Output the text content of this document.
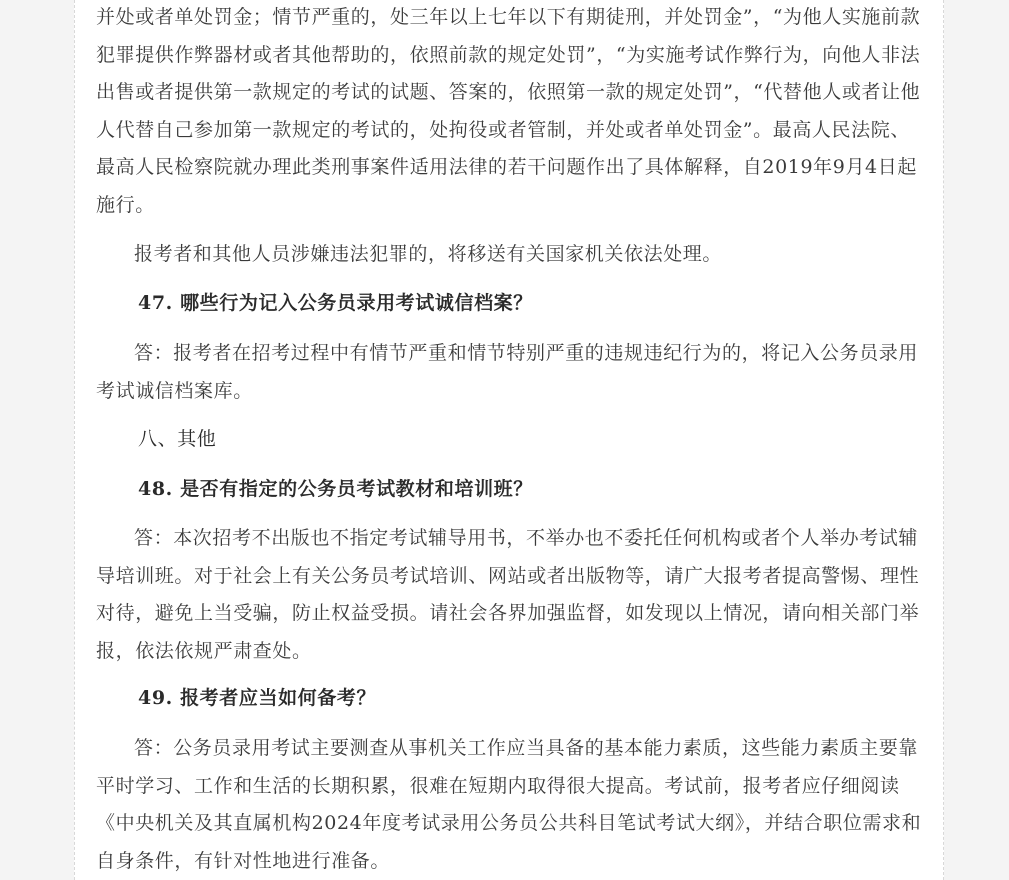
并处或者单处罚金；情节严重的，处三年以上七年以下有期徒刑，并处罚金”，“为他人实施前款犯罪提供作弊器材或者其他帮助的，依照前款的规定处罚”，“为实施考试作弊行为，向他人非法出售或者提供第一款规定的考试的试题、答案的，依照第一款的规定处罚”，“代替他人或者让他人代替自己参加第一款规定的考试的，处拘役或者管制，并处或者单处罚金”。最高人民法院、最高人民检察院就办理此类刑事案件适用法律的若干问题作出了具体解释，自2019年9月4日起施行。

报考者和其他人员涉嫌违法犯罪的，将移送有关国家机关依法处理。

47. 哪些行为记入公务员录用考试诚信档案？

答：报考者在招考过程中有情节严重和情节特别严重的违规违纪行为的，将记入公务员录用考试诚信档案库。

八、其他

48. 是否有指定的公务员考试教材和培训班？

答：本次招考不出版也不指定考试辅导用书，不举办也不委托任何机构或者个人举办考试辅导培训班。对于社会上有关公务员考试培训、网站或者出版物等，请广大报考者提高警惕、理性对待，避免上当受骗，防止权益受损。请社会各界加强监督，如发现以上情况，请向相关部门举报，依法依规严肃查处。

49. 报考者应当如何备考？

答：公务员录用考试主要测查从事机关工作应当具备的基本能力素质，这些能力素质主要靠平时学习、工作和生活的长期积累，很难在短期内取得很大提高。考试前，报考者应仔细阅读《中央机关及其直属机构2024年度考试录用公务员公共科目笔试考试大纲》，并结合职位需求和自身条件，有针对性地进行准备。
